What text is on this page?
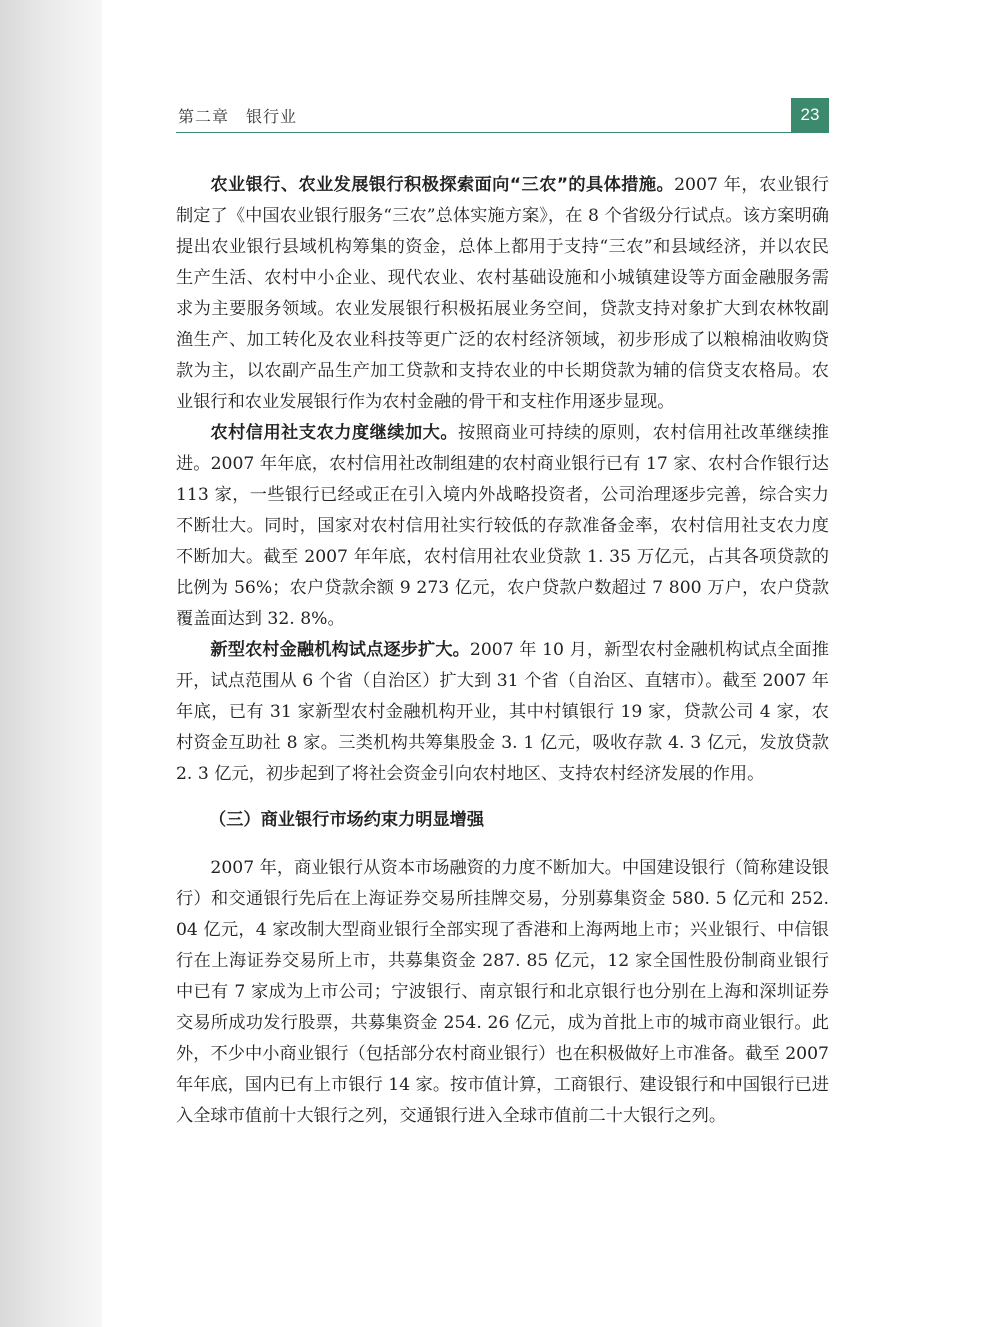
第二章　银行业	23

农业银行、农业发展银行积极探索面向“三农”的具体措施。2007 年，农业银行制定了《中国农业银行服务“三农”总体实施方案》，在 8 个省级分行试点。该方案明确提出农业银行县域机构筹集的资金，总体上都用于支持“三农”和县域经济，并以农民生产生活、农村中小企业、现代农业、农村基础设施和小城镇建设等方面金融服务需求为主要服务领域。农业发展银行积极拓展业务空间，贷款支持对象扩大到农林牧副渔生产、加工转化及农业科技等更广泛的农村经济领域，初步形成了以粮棉油收购贷款为主，以农副产品生产加工贷款和支持农业的中长期贷款为辅的信贷支农格局。农业银行和农业发展银行作为农村金融的骨干和支柱作用逐步显现。

农村信用社支农力度继续加大。按照商业可持续的原则，农村信用社改革继续推进。2007 年年底，农村信用社改制组建的农村商业银行已有 17 家、农村合作银行达 113 家，一些银行已经或正在引入境内外战略投资者，公司治理逐步完善，综合实力不断壮大。同时，国家对农村信用社实行较低的存款准备金率，农村信用社支农力度不断加大。截至 2007 年年底，农村信用社农业贷款 1. 35 万亿元，占其各项贷款的比例为 56%；农户贷款余额 9 273 亿元，农户贷款户数超过 7 800 万户，农户贷款覆盖面达到 32. 8%。

新型农村金融机构试点逐步扩大。2007 年 10 月，新型农村金融机构试点全面推开，试点范围从 6 个省（自治区）扩大到 31 个省（自治区、直辖市）。截至 2007 年年底，已有 31 家新型农村金融机构开业，其中村镇银行 19 家，贷款公司 4 家，农村资金互助社 8 家。三类机构共筹集股金 3. 1 亿元，吸收存款 4. 3 亿元，发放贷款 2. 3 亿元，初步起到了将社会资金引向农村地区、支持农村经济发展的作用。

（三）商业银行市场约束力明显增强

2007 年，商业银行从资本市场融资的力度不断加大。中国建设银行（简称建设银行）和交通银行先后在上海证券交易所挂牌交易，分别募集资金 580. 5 亿元和 252. 04 亿元，4 家改制大型商业银行全部实现了香港和上海两地上市；兴业银行、中信银行在上海证券交易所上市，共募集资金 287. 85 亿元，12 家全国性股份制商业银行中已有 7 家成为上市公司；宁波银行、南京银行和北京银行也分别在上海和深圳证券交易所成功发行股票，共募集资金 254. 26 亿元，成为首批上市的城市商业银行。此外，不少中小商业银行（包括部分农村商业银行）也在积极做好上市准备。截至 2007 年年底，国内已有上市银行 14 家。按市值计算，工商银行、建设银行和中国银行已进入全球市值前十大银行之列，交通银行进入全球市值前二十大银行之列。
